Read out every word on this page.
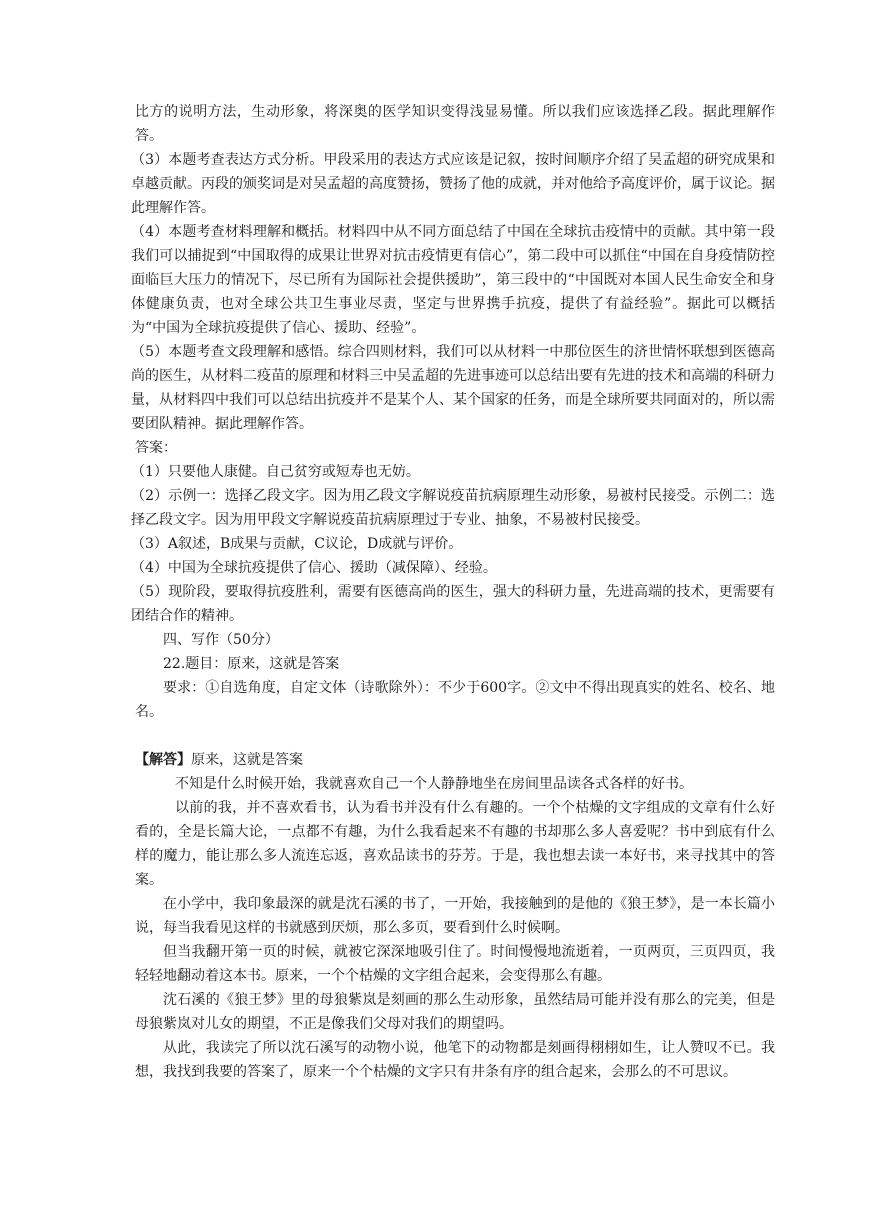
比方的说明方法，生动形象，将深奥的医学知识变得浅显易懂。所以我们应该选择乙段。据此理解作答。

（3）本题考查表达方式分析。甲段采用的表达方式应该是记叙，按时间顺序介绍了吴孟超的研究成果和卓越贡献。丙段的颁奖词是对吴孟超的高度赞扬，赞扬了他的成就，并对他给予高度评价，属于议论。据此理解作答。

（4）本题考查材料理解和概括。材料四中从不同方面总结了中国在全球抗击疫情中的贡献。其中第一段我们可以捕捉到“中国取得的成果让世界对抗击疫情更有信心”，第二段中可以抓住“中国在自身疫情防控面临巨大压力的情况下，尽已所有为国际社会提供援助”，第三段中的“中国既对本国人民生命安全和身体健康负责，也对全球公共卫生事业尽责，坚定与世界携手抗疫，提供了有益经验”。据此可以概括为“中国为全球抗疫提供了信心、援助、经验”。

（5）本题考查文段理解和感悟。综合四则材料，我们可以从材料一中那位医生的济世情怀联想到医德高尚的医生，从材料二疫苗的原理和材料三中吴孟超的先进事迹可以总结出要有先进的技术和高端的科研力量，从材料四中我们可以总结出抗疫并不是某个人、某个国家的任务，而是全球所要共同面对的，所以需要团队精神。据此理解作答。

答案：

（1）只要他人康健。自己贫穷或短寿也无妨。

（2）示例一：选择乙段文字。因为用乙段文字解说疫苗抗病原理生动形象，易被村民接受。示例二：选择乙段文字。因为用甲段文字解说疫苗抗病原理过于专业、抽象，不易被村民接受。

（3）A叙述，B成果与贡献，C议论，D成就与评价。

（4）中国为全球抗疫提供了信心、援助（减保障）、经验。

（5）现阶段，要取得抗疫胜利，需要有医德高尚的医生，强大的科研力量，先进高端的技术，更需要有团结合作的精神。

四、写作（50分）

22.题目：原来，这就是答案

要求：①自选角度，自定文体（诗歌除外）：不少于600字。②文中不得出现真实的姓名、校名、地名。

【解答】原来，这就是答案

不知是什么时候开始，我就喜欢自己一个人静静地坐在房间里品读各式各样的好书。

以前的我，并不喜欢看书，认为看书并没有什么有趣的。一个个枯燥的文字组成的文章有什么好看的，全是长篇大论，一点都不有趣，为什么我看起来不有趣的书却那么多人喜爱呢？书中到底有什么样的魔力，能让那么多人流连忘返，喜欢品读书的芬芳。于是，我也想去读一本好书，来寻找其中的答案。

在小学中，我印象最深的就是沈石溪的书了，一开始，我接触到的是他的《狼王梦》，是一本长篇小说，每当我看见这样的书就感到厌烦，那么多页，要看到什么时候啊。

但当我翻开第一页的时候，就被它深深地吸引住了。时间慢慢地流逝着，一页两页，三页四页，我轻轻地翻动着这本书。原来，一个个枯燥的文字组合起来，会变得那么有趣。

沈石溪的《狼王梦》里的母狼紫岚是刻画的那么生动形象，虽然结局可能并没有那么的完美，但是母狼紫岚对儿女的期望，不正是像我们父母对我们的期望吗。

从此，我读完了所以沈石溪写的动物小说，他笔下的动物都是刻画得栩栩如生，让人赞叹不已。我想，我找到我要的答案了，原来一个个枯燥的文字只有井条有序的组合起来，会那么的不可思议。
